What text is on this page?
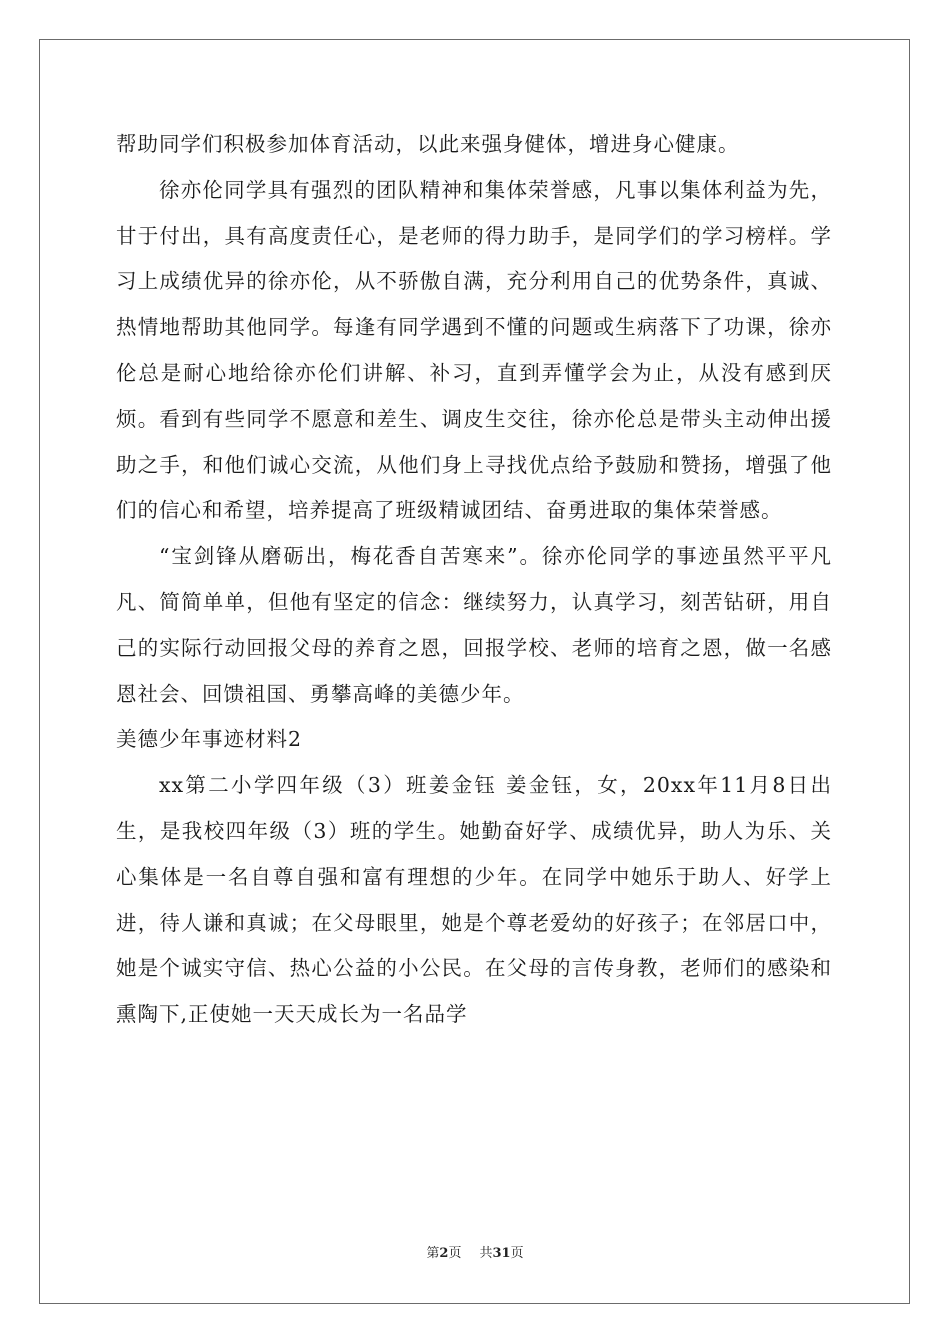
帮助同学们积极参加体育活动，以此来强身健体，增进身心健康。

徐亦伦同学具有强烈的团队精神和集体荣誉感，凡事以集体利益为先，甘于付出，具有高度责任心，是老师的得力助手，是同学们的学习榜样。学习上成绩优异的徐亦伦，从不骄傲自满，充分利用自己的优势条件，真诚、热情地帮助其他同学。每逢有同学遇到不懂的问题或生病落下了功课，徐亦伦总是耐心地给徐亦伦们讲解、补习，直到弄懂学会为止，从没有感到厌烦。看到有些同学不愿意和差生、调皮生交往，徐亦伦总是带头主动伸出援助之手，和他们诚心交流，从他们身上寻找优点给予鼓励和赞扬，增强了他们的信心和希望，培养提高了班级精诚团结、奋勇进取的集体荣誉感。

“宝剑锋从磨砺出，梅花香自苦寒来”。徐亦伦同学的事迹虽然平平凡凡、简简单单，但他有坚定的信念：继续努力，认真学习，刻苦钻研，用自己的实际行动回报父母的养育之恩，回报学校、老师的培育之恩，做一名感恩社会、回馈祖国、勇攀高峰的美德少年。

美德少年事迹材料2

xx第二小学四年级（3）班姜金钰 姜金钰，女，20xx年11月8日出生，是我校四年级（3）班的学生。她勤奋好学、成绩优异，助人为乐、关心集体是一名自尊自强和富有理想的少年。在同学中她乐于助人、好学上进，待人谦和真诚；在父母眼里，她是个尊老爱幼的好孩子；在邻居口中，她是个诚实守信、热心公益的小公民。在父母的言传身教，老师们的感染和熏陶下,正使她一天天成长为一名品学

第2页 共31页
